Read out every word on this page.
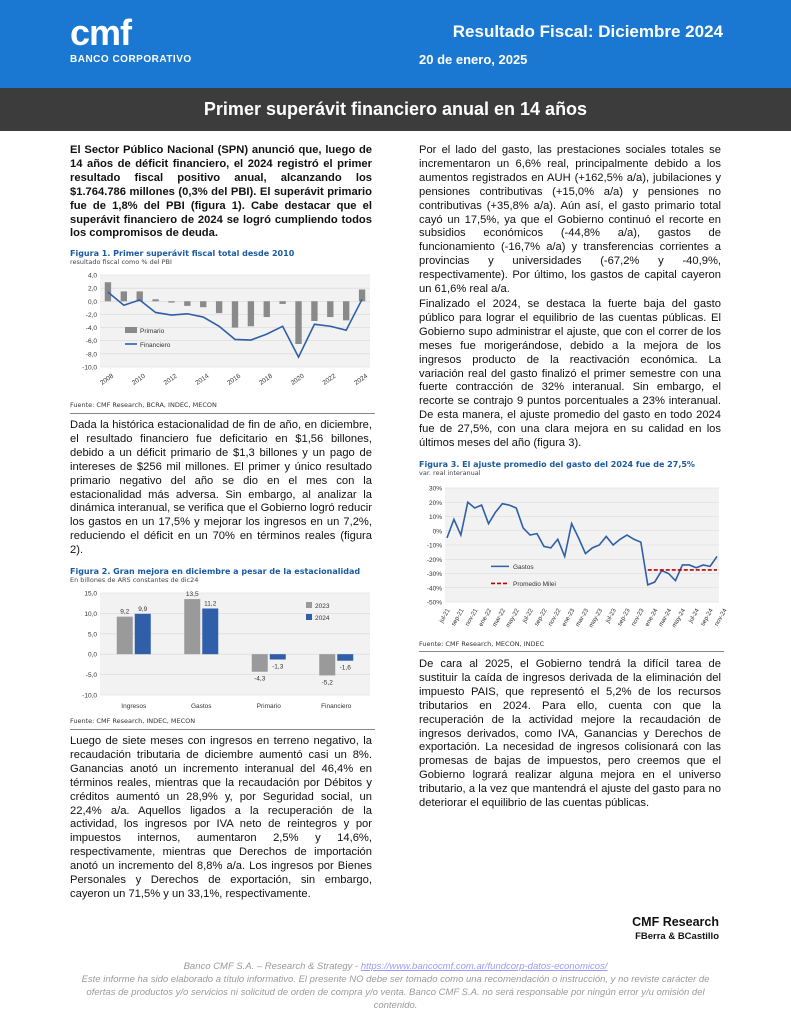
cmf
BANCO CORPORATIVO
Resultado Fiscal: Diciembre 2024
20 de enero, 2025
Primer superávit financiero anual en 14 años
El Sector Público Nacional (SPN) anunció que, luego de 14 años de déficit financiero, el 2024 registró el primer resultado fiscal positivo anual, alcanzando los $1.764.786 millones (0,3% del PBI). El superávit primario fue de 1,8% del PBI (figura 1). Cabe destacar que el superávit financiero de 2024 se logró cumpliendo todos los compromisos de deuda.
Figura 1. Primer superávit fiscal total desde 2010
resultado fiscal como % del PBI
4,0
2,0
0,0
-2,0
-4,0
-6,0
-8,0
-10,0
2008 2010 2012 2014 2016 2018 2020 2022 2024
Primario
Financiero
Fuente: CMF Research, BCRA, INDEC, MECON
Dada la histórica estacionalidad de fin de año, en diciembre, el resultado financiero fue deficitario en $1,56 billones, debido a un déficit primario de $1,3 billones y un pago de intereses de $256 mil millones. El primer y único resultado primario negativo del año se dio en el mes con la estacionalidad más adversa. Sin embargo, al analizar la dinámica interanual, se verifica que el Gobierno logró reducir los gastos en un 17,5% y mejorar los ingresos en un 7,2%, reduciendo el déficit en un 70% en términos reales (figura 2).
Figura 2. Gran mejora en diciembre a pesar de la estacionalidad
En billones de ARS constantes de dic24
15,0
10,0
5,0
0,0
-5,0
-10,0
9,2 9,9
Ingresos
13,5
11,2
Gastos
-4,3
-1,3
Primario
-5,2
-1,6
Financiero
2023
2024
Fuente: CMF Research, INDEC, MECON
Luego de siete meses con ingresos en terreno negativo, la recaudación tributaria de diciembre aumentó casi un 8%. Ganancias anotó un incremento interanual del 46,4% en términos reales, mientras que la recaudación por Débitos y créditos aumentó un 28,9% y, por Seguridad social, un 22,4% a/a. Aquellos ligados a la recuperación de la actividad, los ingresos por IVA neto de reintegros y por impuestos internos, aumentaron 2,5% y 14,6%, respectivamente, mientras que Derechos de importación anotó un incremento del 8,8% a/a. Los ingresos por Bienes Personales y Derechos de exportación, sin embargo, cayeron un 71,5% y un 33,1%, respectivamente.
Por el lado del gasto, las prestaciones sociales totales se incrementaron un 6,6% real, principalmente debido a los aumentos registrados en AUH (+162,5% a/a), jubilaciones y pensiones contributivas (+15,0% a/a) y pensiones no contributivas (+35,8% a/a). Aún así, el gasto primario total cayó un 17,5%, ya que el Gobierno continuó el recorte en subsidios económicos (-44,8% a/a), gastos de funcionamiento (-16,7% a/a) y transferencias corrientes a provincias y universidades (-67,2% y -40,9%, respectivamente). Por último, los gastos de capital cayeron un 61,6% real a/a.
Finalizado el 2024, se destaca la fuerte baja del gasto público para lograr el equilibrio de las cuentas públicas. El Gobierno supo administrar el ajuste, que con el correr de los meses fue morigerándose, debido a la mejora de los ingresos producto de la reactivación económica. La variación real del gasto finalizó el primer semestre con una fuerte contracción de 32% interanual. Sin embargo, el recorte se contrajo 9 puntos porcentuales a 23% interanual. De esta manera, el ajuste promedio del gasto en todo 2024 fue de 27,5%, con una clara mejora en su calidad en los últimos meses del año (figura 3).
Figura 3. El ajuste promedio del gasto del 2024 fue de 27,5%
var. real interanual
30%
20%
10%
0%
-10%
-20%
-30%
-40%
-50%
jul-21
sep-21
nov-21
ene-22
mar-22
may-22 jul-22
sep-22
nov-22
ene-23
mar-23
may-23 jul-23
sep-23
nov-23
ene-24
mar-24
may-24 jul-24
sep-24
nov-24
Gastos
Promedio Milei
Fuente: CMF Research, MECON, INDEC
De cara al 2025, el Gobierno tendrá la difícil tarea de sustituir la caída de ingresos derivada de la eliminación del impuesto PAIS, que representó el 5,2% de los recursos tributarios en 2024. Para ello, cuenta con que la recuperación de la actividad mejore la recaudación de ingresos derivados, como IVA, Ganancias y Derechos de exportación. La necesidad de ingresos colisionará con las promesas de bajas de impuestos, pero creemos que el Gobierno logrará realizar alguna mejora en el universo tributario, a la vez que mantendrá el ajuste del gasto para no deteriorar el equilibrio de las cuentas públicas.
CMF Research
FBerra & BCastillo
Banco CMF S.A. – Research & Strategy - https://www.bancocmf.com.ar/fundcorp-datos-economicos/
Este informe ha sido elaborado a título informativo. El presente NO debe ser tomado como una recomendación o instrucción, y no reviste carácter de ofertas de productos y/o servicios ni solicitud de orden de compra y/o venta. Banco CMF S.A. no será responsable por ningún error y/u omisión del contenido.
